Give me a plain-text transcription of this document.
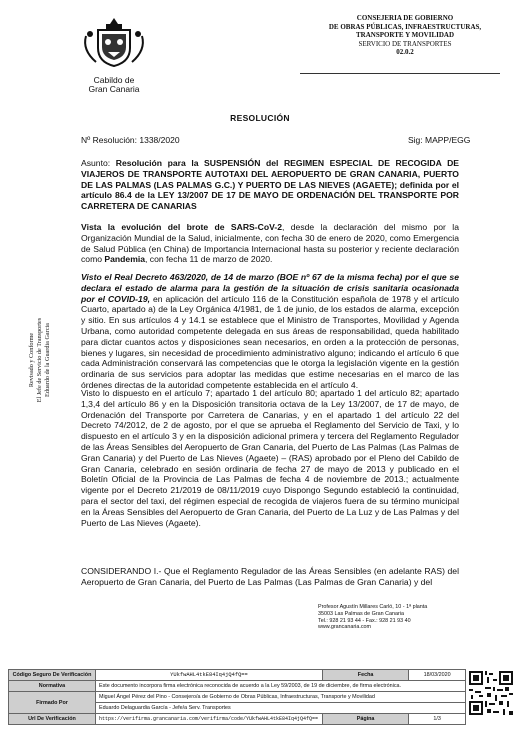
Cabildo de
Gran Canaria
CONSEJERIA DE GOBIERNO
DE OBRAS PÚBLICAS, INFRAESTRUCTURAS,
TRANSPORTE Y MOVILIDAD
SERVICIO DE TRANSPORTES
02.0.2
RESOLUCIÓN
Nº Resolución: 1338/2020	Sig: MAPP/EGG
Asunto: Resolución para la SUSPENSIÓN del REGIMEN ESPECIAL DE RECOGIDA DE VIAJEROS DE TRANSPORTE AUTOTAXI DEL AEROPUERTO DE GRAN CANARIA, PUERTO DE LAS PALMAS (LAS PALMAS G.C.) Y PUERTO DE LAS NIEVES (AGAETE); definida por el artículo 86.4 de la LEY 13/2007 DE 17 DE MAYO DE ORDENACIÓN DEL TRANSPORTE POR CARRETERA DE CANARIAS
Vista la evolución del brote de SARS-CoV-2, desde la declaración del mismo por la Organización Mundial de la Salud, inicialmente, con fecha 30 de enero de 2020, como Emergencia de Salud Pública (en China) de Importancia Internacional hasta su posterior y reciente declaración como Pandemia, con fecha 11 de marzo de 2020.
Visto el Real Decreto 463/2020, de 14 de marzo (BOE nº 67 de la misma fecha) por el que se declara el estado de alarma para la gestión de la situación de crisis sanitaria ocasionada por el COVID-19, en aplicación del artículo 116 de la Constitución española de 1978 y el artículo Cuarto, apartado a) de la Ley Orgánica 4/1981, de 1 de junio, de los estados de alarma, excepción y sitio. En sus artículos 4 y 14.1 se establece que el Ministro de Transportes, Movilidad y Agenda Urbana, como autoridad competente delegada en sus áreas de responsabilidad, queda habilitado para dictar cuantos actos y disposiciones sean necesarios, en orden a la protección de personas, bienes y lugares, sin necesidad de procedimiento administrativo alguno; indicando el artículo 6 que cada Administración conservará las competencias que le otorga la legislación vigente en la gestión ordinaria de sus servicios para adoptar las medidas que estime necesarias en el marco de las órdenes directas de la autoridad competente establecida en el artículo 4.
Visto lo dispuesto en el artículo 7; apartado 1 del artículo 80; apartado 1 del artículo 82; apartado 1,3,4 del artículo 86 y en la Disposición transitoria octava de la Ley 13/2007, de 17 de mayo, de Ordenación del Transporte por Carretera de Canarias, y en el apartado 1 del artículo 22 del Decreto 74/2012, de 2 de agosto, por el que se aprueba el Reglamento del Servicio de Taxi, y lo dispuesto en el artículo 3 y en la disposición adicional primera y tercera del Reglamento Regulador de las Áreas Sensibles del Aeropuerto de Gran Canaria, del Puerto de Las Palmas (Las Palmas de Gran Canaria) y del Puerto de Las Nieves (Agaete) – (RAS) aprobado por el Pleno del Cabildo de Gran Canaria, celebrado en sesión ordinaria de fecha 27 de mayo de 2013 y publicado en el Boletín Oficial de la Provincia de Las Palmas de fecha 4 de noviembre de 2013.; actualmente vigente por el Decreto 21/2019 de 08/11/2019 cuyo Dispongo Segundo estableció la continuidad, para el sector del taxi, del régimen especial de recogida de viajeros fuera de su término municipal en la Áreas Sensibles del Aeropuerto de Gran Canaria, del Puerto de La Luz y de Las Palmas y del Puerto de Las Nieves (Agaete).
CONSIDERANDO I.- Que el Reglamento Regulador de las Áreas Sensibles (en adelante RAS) del Aeropuerto de Gran Canaria, del Puerto de Las Palmas (Las Palmas de Gran Canaria) y del
Revisado y Conforme El Jefe de Servicio de Transportes Eduardo de la Guardia Garcia
Profesor Agustín Millares Carló, 10 - 1ª planta
35003 Las Palmas de Gran Canaria
Tel.: 928 21 93 44 - Fax.: 928 21 93 40
www.grancanaria.com
Código Seguro De Verificación	YUkfwAHL4tkE84Iq4jQ4fQ==	Fecha	18/03/2020
Normativa	Este documento incorpora firma electrónica reconocida de acuerdo a la Ley 59/2003, de 19 de diciembre, de firma electrónica.		
Firmado Por	Miguel Ángel Pérez del Pino - Consejero/a de Gobierno de Obras Públicas, Infraestructuras, Transporte y Movilidad		
	Eduardo Delaguardia García - Jefe/a Serv. Transportes		
Url De Verificación	https://verifirma.grancanaria.com/verifirma/code/YUkfwAHL4tkE84Iq4jQ4fQ==	Página	1/3
